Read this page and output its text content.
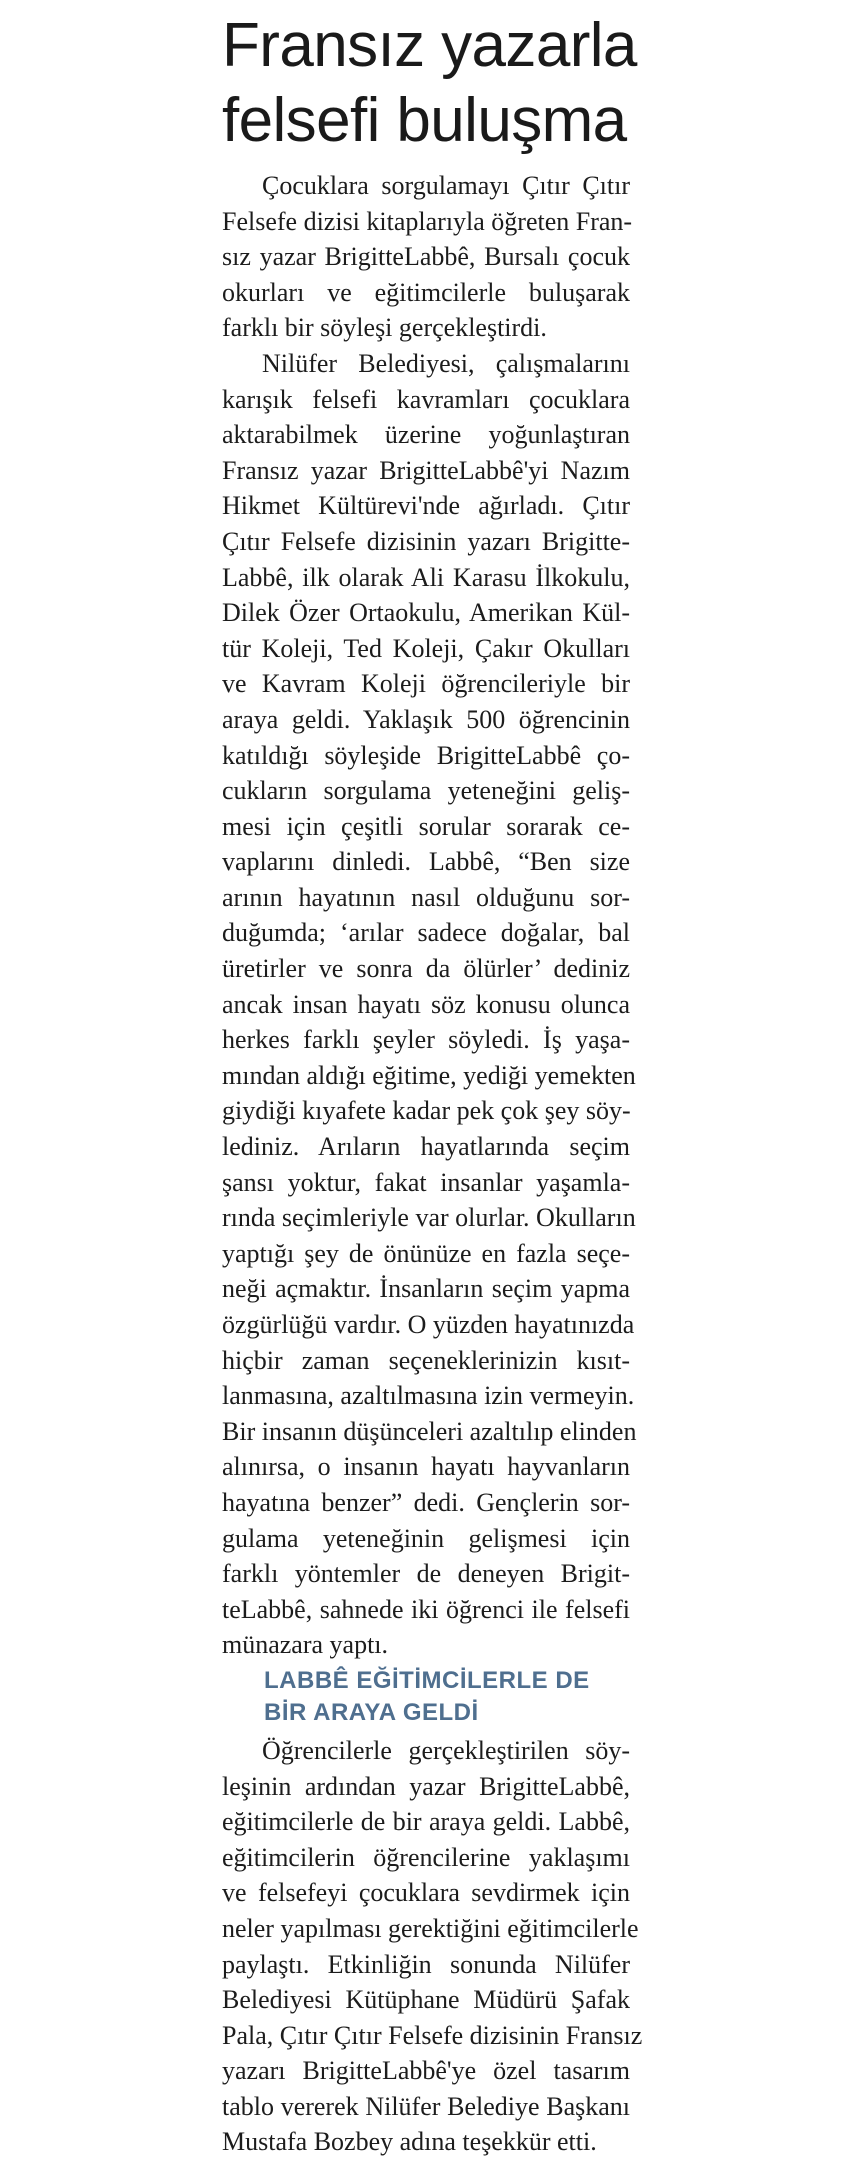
Fransız yazarla
felsefi buluşma
Çocuklara sorgulamayı Çıtır Çıtır
Felsefe dizisi kitaplarıyla öğreten Fran-
sız yazar BrigitteLabbê, Bursalı çocuk
okurları ve eğitimcilerle buluşarak
farklı bir söyleşi gerçekleştirdi.
Nilüfer Belediyesi, çalışmalarını
karışık felsefi kavramları çocuklara
aktarabilmek üzerine yoğunlaştıran
Fransız yazar BrigitteLabbê'yi Nazım
Hikmet Kültürevi'nde ağırladı. Çıtır
Çıtır Felsefe dizisinin yazarı Brigitte-
Labbê, ilk olarak Ali Karasu İlkokulu,
Dilek Özer Ortaokulu, Amerikan Kül-
tür Koleji, Ted Koleji, Çakır Okulları
ve Kavram Koleji öğrencileriyle bir
araya geldi. Yaklaşık 500 öğrencinin
katıldığı söyleşide BrigitteLabbê ço-
cukların sorgulama yeteneğini geliş-
mesi için çeşitli sorular sorarak ce-
vaplarını dinledi. Labbê, “Ben size
arının hayatının nasıl olduğunu sor-
duğumda; ‘arılar sadece doğalar, bal
üretirler ve sonra da ölürler’ dediniz
ancak insan hayatı söz konusu olunca
herkes farklı şeyler söyledi. İş yaşa-
mından aldığı eğitime, yediği yemekten
giydiği kıyafete kadar pek çok şey söy-
lediniz. Arıların hayatlarında seçim
şansı yoktur, fakat insanlar yaşamla-
rında seçimleriyle var olurlar. Okulların
yaptığı şey de önünüze en fazla seçe-
neği açmaktır. İnsanların seçim yapma
özgürlüğü vardır. O yüzden hayatınızda
hiçbir zaman seçeneklerinizin kısıt-
lanmasına, azaltılmasına izin vermeyin.
Bir insanın düşünceleri azaltılıp elinden
alınırsa, o insanın hayatı hayvanların
hayatına benzer” dedi. Gençlerin sor-
gulama yeteneğinin gelişmesi için
farklı yöntemler de deneyen Brigit-
teLabbê, sahnede iki öğrenci ile felsefi
münazara yaptı.
LABBÊ EĞİTİMCİLERLE DE
BİR ARAYA GELDİ
Öğrencilerle gerçekleştirilen söy-
leşinin ardından yazar BrigitteLabbê,
eğitimcilerle de bir araya geldi. Labbê,
eğitimcilerin öğrencilerine yaklaşımı
ve felsefeyi çocuklara sevdirmek için
neler yapılması gerektiğini eğitimcilerle
paylaştı. Etkinliğin sonunda Nilüfer
Belediyesi Kütüphane Müdürü Şafak
Pala, Çıtır Çıtır Felsefe dizisinin Fransız
yazarı BrigitteLabbê'ye özel tasarım
tablo vererek Nilüfer Belediye Başkanı
Mustafa Bozbey adına teşekkür etti.
